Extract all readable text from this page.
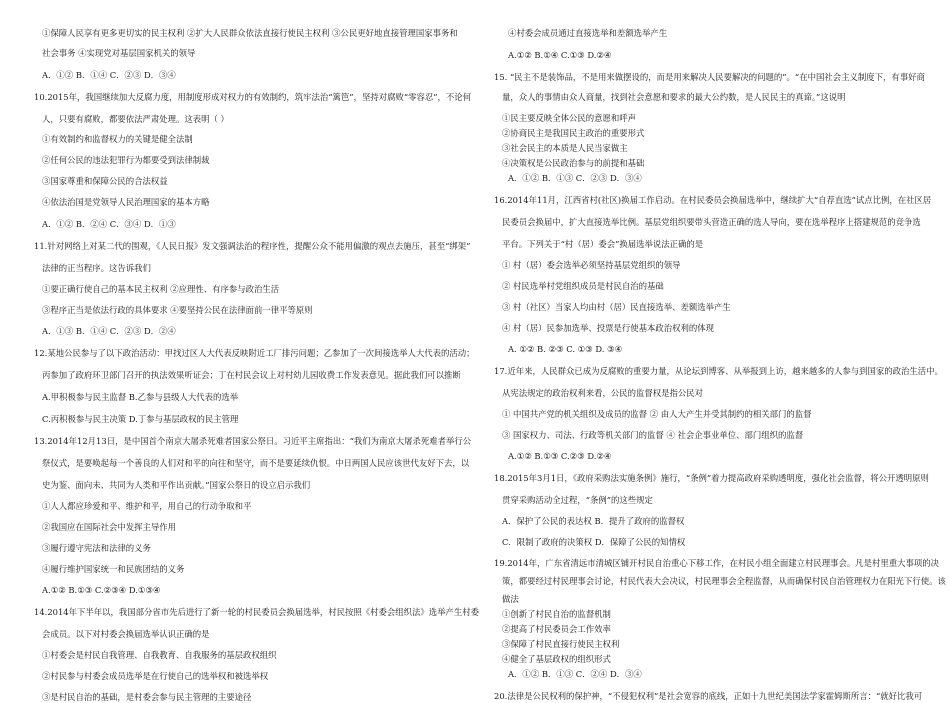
①保障人民享有更多更切实的民主权利 ②扩大人民群众依法直接行使民主权利 ③公民更好地直接管理国家事务和
社会事务 ④实现党对基层国家机关的领导
A．①② B．①④ C．②③ D．③④
10.2015年，我国继续加大反腐力度，用制度形成对权力的有效制约，筑牢法治“篱笆”，坚持对腐败“零容忍”，不论何
人，只要有腐败，都要依法严肃处理。这表明（ ）
①有效制约和监督权力的关键是健全法制
②任何公民的违法犯罪行为都要受到法律制裁
③国家尊重和保障公民的合法权益
④依法治国是党领导人民治理国家的基本方略
A．①② B．②④ C．③④ D．①③
11.针对网络上对某二代的围观，《人民日报》发文强调法治的程序性，提醒公众不能用偏激的观点去施压，甚至“绑架”
法律的正当程序。这告诉我们
①要正确行使自己的基本民主权利 ②应理性、有序参与政治生活
③程序正当是依法行政的具体要求 ④要坚持公民在法律面前一律平等原则
A．①③ B．①④ C．②③ D．②④
12.某地公民参与了以下政治活动：甲找过区人大代表反映附近工厂排污问题；乙参加了一次间接选举人大代表的活动；
丙参加了政府环卫部门召开的执法效果听证会；丁在村民会议上对村幼儿园收费工作发表意见。据此我们可以推断
A.甲积极参与民主监督 B.乙参与县级人大代表的选举
C.丙积极参与民主决策 D.丁参与基层政权的民主管理
13.2014年12月13日，是中国首个南京大屠杀死难者国家公祭日。习近平主席指出：“我们为南京大屠杀死难者举行公
祭仪式，是要唤起每一个善良的人们对和平的向往和坚守，而不是要延续仇恨。中日两国人民应该世代友好下去，以
史为鉴、面向未、共同为人类和平作出贡献。”国家公祭日的设立启示我们
①人人都应珍爱和平、维护和平，用自己的行动争取和平
②我国应在国际社会中发挥主导作用
③履行遵守宪法和法律的义务
④履行维护国家统一和民族团结的义务
A.①② B.①③ C.②③④ D.①③④
14.2014年下半年以，我国部分省市先后进行了新一轮的村民委员会换届选举，村民按照《村委会组织法》选举产生村委
会成员。以下对村委会换届选举认识正确的是
①村委会是村民自我管理、自我教育、自我服务的基层政权组织
②村民参与村委会成员选举是在行使自己的选举权和被选举权
③是村民自治的基础，是村委会参与民主管理的主要途径
④村委会成员通过直接选举和差额选举产生
A.①② B.①④ C.①③ D.②④
15. “民主不是装饰品，不是用来做摆设的，而是用来解决人民要解决的问题的”。“在中国社会主义制度下，有事好商
量，众人的事情由众人商量，找到社会意愿和要求的最大公约数，是人民民主的真谛。”这说明
①民主要反映全体公民的意愿和呼声
②协商民主是我国民主政治的重要形式
③社会民主的本质是人民当家做主
④决策权是公民政治参与的前提和基础
A．①② B．①③ C．②③ D．③④
16.2014年11月，江西省村(社区)换届工作启动。在村民委员会换届选举中，继续扩大“自荐直选”试点比例，在社区居
民委员会换届中，扩大直接选举比例。基层党组织要带头营造正确的选人导向，要在选举程序上搭建规范的竞争选
平台。下列关于“村（居）委会”换届选举说法正确的是
① 村（居）委会选举必须坚持基层党组织的领导
② 村民选举村党组织成员是村民自治的基础
③ 村（社区）当家人均由村（居）民直接选举、差额选举产生
④ 村（居）民参加选举、投票是行使基本政治权利的体现
A. ①② B. ②③ C. ①③ D. ③④
17.近年来，人民群众已成为反腐败的重要力量，从论坛到博客、从举报到上访，越来越多的人参与到国家的政治生活中。
从宪法规定的政治权利来看，公民的监督权是指公民对
① 中国共产党的机关组织及成员的监督 ② 由人大产生并受其制约的相关部门的监督
③ 国家权力、司法、行政等机关部门的监督 ④ 社会企事业单位、部门组织的监督
A.①② B.①③ C.②③ D.②④
18.2015年3月1日，《政府采购法实施条例》施行，“条例”着力提高政府采购透明度，强化社会监督，将公开透明原则
贯穿采购活动全过程，“条例”的这些规定
A．保护了公民的表达权 B．提升了政府的监督权
C．限制了政府的决策权 D．保障了公民的知情权
19.2014年，广东省清远市清城区铺开村民自治重心下移工作，在村民小组全面建立村民理事会。凡是村里重大事项的决
策，都要经过村民理事会讨论，村民代表大会决议，村民理事会全程监督，从而确保村民自治管理权力在阳光下行使。该
做法
①创新了村民自治的监督机制
②提高了村民委员会工作效率
③保障了村民直接行使民主权利
④健全了基层政权的组织形式
A．①② B．①③ C．②④ D．③④
20.法律是公民权利的保护神，“不侵犯权利”是社会宽容的底线，正如十九世纪美国法学家霍姆斯所言：“就好比我可
